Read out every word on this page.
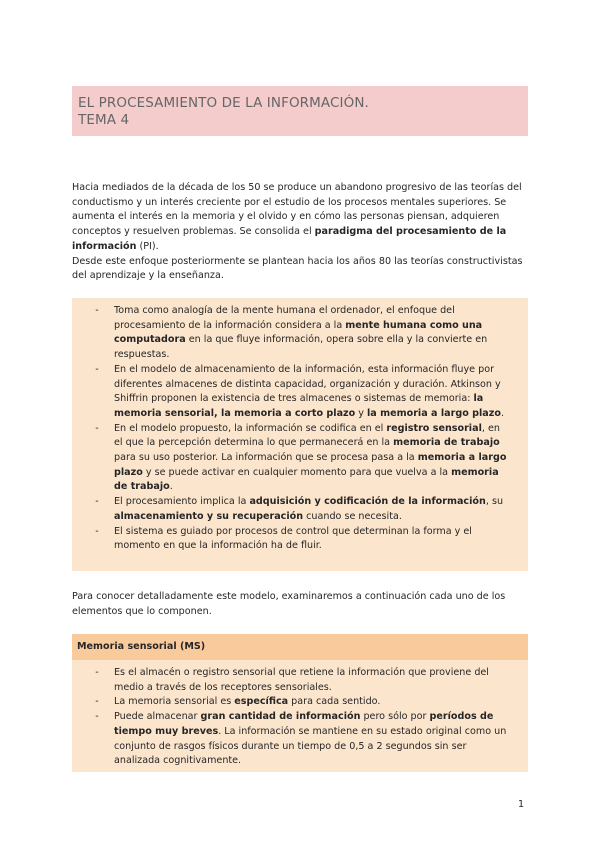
EL PROCESAMIENTO DE LA INFORMACIÓN.
TEMA 4

Hacia mediados de la década de los 50 se produce un abandono progresivo de las teorías del conductismo y un interés creciente por el estudio de los procesos mentales superiores. Se aumenta el interés en la memoria y el olvido y en cómo las personas piensan, adquieren conceptos y resuelven problemas. Se consolida el paradigma del procesamiento de la información (PI).

Desde este enfoque posteriormente se plantean hacia los años 80 las teorías constructivistas del aprendizaje y la enseñanza.

-	Toma como analogía de la mente humana el ordenador, el enfoque del procesamiento de la información considera a la mente humana como una computadora en la que fluye información, opera sobre ella y la convierte en respuestas.
-	En el modelo de almacenamiento de la información, esta información fluye por diferentes almacenes de distinta capacidad, organización y duración. Atkinson y Shiffrin proponen la existencia de tres almacenes o sistemas de memoria: la memoria sensorial, la memoria a corto plazo y la memoria a largo plazo.
-	En el modelo propuesto, la información se codifica en el registro sensorial, en el que la percepción determina lo que permanecerá en la memoria de trabajo para su uso posterior. La información que se procesa pasa a la memoria a largo plazo y se puede activar en cualquier momento para que vuelva a la memoria de trabajo.
-	El procesamiento implica la adquisición y codificación de la información, su almacenamiento y su recuperación cuando se necesita.
-	El sistema es guiado por procesos de control que determinan la forma y el momento en que la información ha de fluir.

Para conocer detalladamente este modelo, examinaremos a continuación cada uno de los elementos que lo componen.

Memoria sensorial (MS)
-	Es el almacén o registro sensorial que retiene la información que proviene del medio a través de los receptores sensoriales.
-	La memoria sensorial es específica para cada sentido.
-	Puede almacenar gran cantidad de información pero sólo por períodos de tiempo muy breves. La información se mantiene en su estado original como un conjunto de rasgos físicos durante un tiempo de 0,5 a 2 segundos sin ser analizada cognitivamente.
1
